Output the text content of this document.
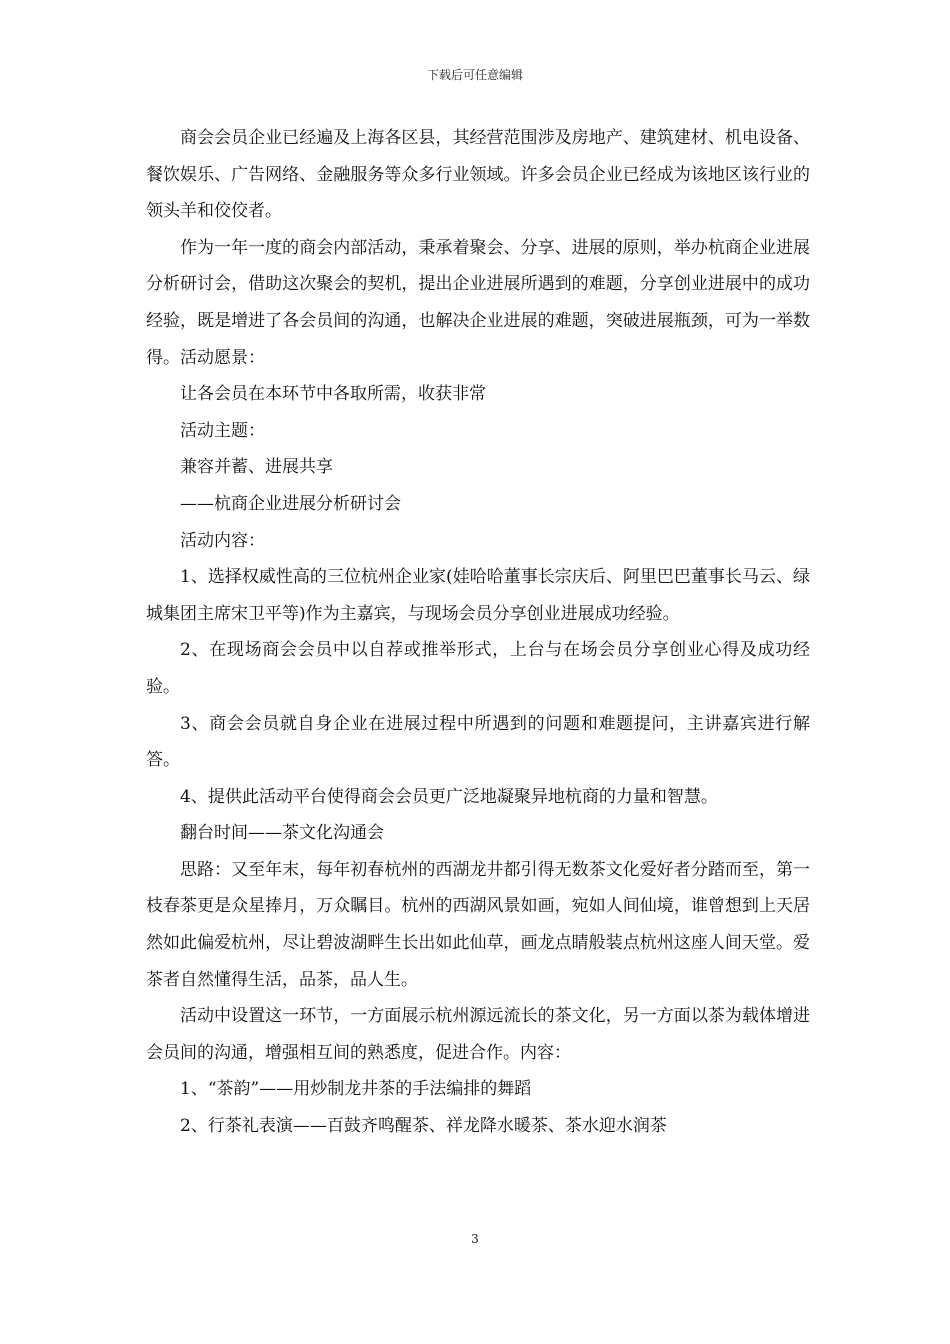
下载后可任意编辑

商会会员企业已经遍及上海各区县，其经营范围涉及房地产、建筑建材、机电设备、餐饮娱乐、广告网络、金融服务等众多行业领域。许多会员企业已经成为该地区该行业的领头羊和佼佼者。

作为一年一度的商会内部活动，秉承着聚会、分享、进展的原则，举办杭商企业进展分析研讨会，借助这次聚会的契机，提出企业进展所遇到的难题，分享创业进展中的成功经验，既是增进了各会员间的沟通，也解决企业进展的难题，突破进展瓶颈，可为一举数得。活动愿景：

让各会员在本环节中各取所需，收获非常

活动主题：

兼容并蓄、进展共享

——杭商企业进展分析研讨会

活动内容：

1、选择权威性高的三位杭州企业家(娃哈哈董事长宗庆后、阿里巴巴董事长马云、绿城集团主席宋卫平等)作为主嘉宾，与现场会员分享创业进展成功经验。

2、在现场商会会员中以自荐或推举形式，上台与在场会员分享创业心得及成功经验。

3、商会会员就自身企业在进展过程中所遇到的问题和难题提问，主讲嘉宾进行解答。

4、提供此活动平台使得商会会员更广泛地凝聚异地杭商的力量和智慧。

翻台时间——茶文化沟通会

思路：又至年末，每年初春杭州的西湖龙井都引得无数茶文化爱好者分踏而至，第一枝春茶更是众星捧月，万众瞩目。杭州的西湖风景如画，宛如人间仙境，谁曾想到上天居然如此偏爱杭州，尽让碧波湖畔生长出如此仙草，画龙点睛般装点杭州这座人间天堂。爱茶者自然懂得生活，品茶，品人生。

活动中设置这一环节，一方面展示杭州源远流长的茶文化，另一方面以茶为载体增进会员间的沟通，增强相互间的熟悉度，促进合作。内容：

1、“茶韵”——用炒制龙井茶的手法编排的舞蹈

2、行茶礼表演——百鼓齐鸣醒茶、祥龙降水暖茶、茶水迎水润茶

3
